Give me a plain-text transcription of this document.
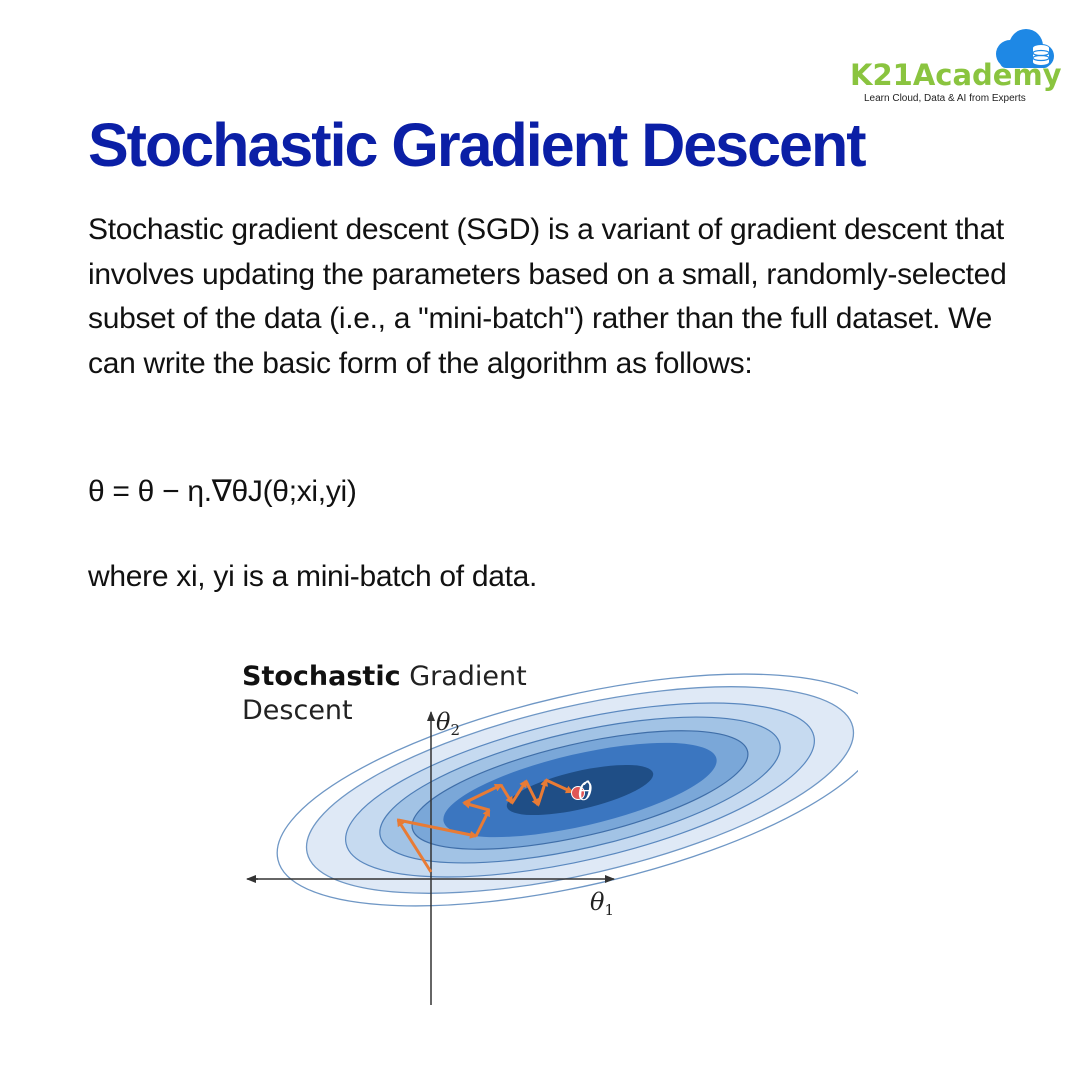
K21Academy
Learn Cloud, Data & AI from Experts
Stochastic Gradient Descent

Stochastic gradient descent (SGD) is a variant of gradient descent that involves updating the parameters based on a small, randomly-selected subset of the data (i.e., a "mini-batch") rather than the full dataset. We can write the basic form of the algorithm as follows:

θ = θ − η.∇θJ(θ;xi,yi)

where xi, yi is a mini-batch of data.

Stochastic Gradient
Descent
$\theta_1$
$\theta_2$
θ̂
